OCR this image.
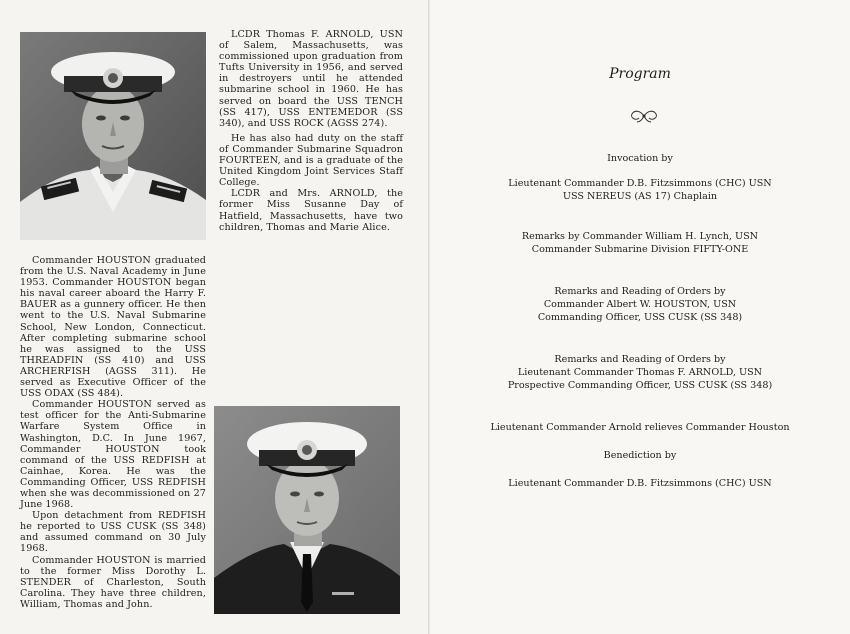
LCDR Thomas F. ARNOLD, USN of Salem, Massachusetts, was commissioned upon graduation from Tufts University in 1956, and served in destroyers until he attended submarine school in 1960. He has served on board the USS TENCH (SS 417), USS ENTEMEDOR (SS 340), and USS ROCK (AGSS 274).

He has also had duty on the staff of Commander Submarine Squadron FOURTEEN, and is a graduate of the United Kingdom Joint Services Staff College.

LCDR and Mrs. ARNOLD, the former Miss Susanne Day of Hatfield, Massachusetts, have two children, Thomas and Marie Alice.

Commander HOUSTON graduated from the U.S. Naval Academy in June 1953. Commander HOUSTON began his naval career aboard the Harry F. BAUER as a gunnery officer. He then went to the U.S. Naval Submarine School, New London, Connecticut. After completing submarine school he was assigned to the USS THREADFIN (SS 410) and USS ARCHERFISH (AGSS 311). He served as Executive Officer of the USS ODAX (SS 484).

Commander HOUSTON served as test officer for the Anti-Submarine Warfare System Office in Washington, D.C. In June 1967, Commander HOUSTON took command of the USS REDFISH at Cainhae, Korea. He was the Commanding Officer, USS REDFISH when she was decommissioned on 27 June 1968.

Upon detachment from REDFISH he reported to USS CUSK (SS 348) and assumed command on 30 July 1968.

Commander HOUSTON is married to the former Miss Dorothy L. STENDER of Charleston, South Carolina. They have three children, William, Thomas and John.

Program
Invocation by
Lieutenant Commander D.B. Fitzsimmons (CHC) USN
USS NEREUS (AS 17) Chaplain
Remarks by Commander William H. Lynch, USN
Commander Submarine Division FIFTY-ONE
Remarks and Reading of Orders by
Commander Albert W. HOUSTON, USN
Commanding Officer, USS CUSK (SS 348)
Remarks and Reading of Orders by
Lieutenant Commander Thomas F. ARNOLD, USN
Prospective Commanding Officer, USS CUSK (SS 348)
Lieutenant Commander Arnold relieves Commander Houston
Benediction by
Lieutenant Commander D.B. Fitzsimmons (CHC) USN
